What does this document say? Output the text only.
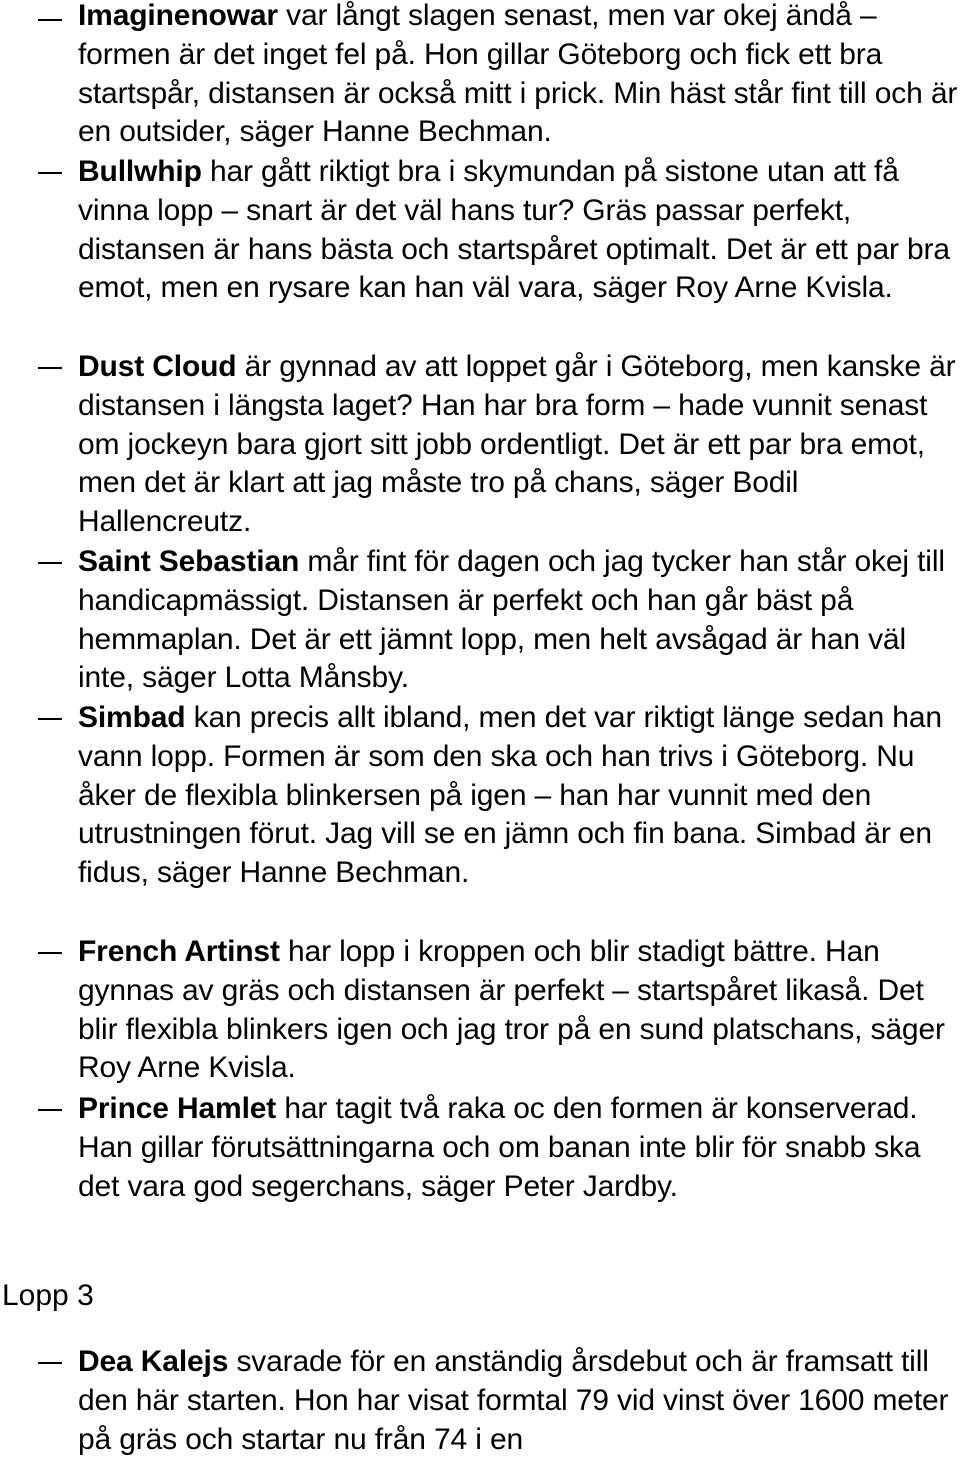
Imaginenowar var långt slagen senast, men var okej ändå – formen är det inget fel på. Hon gillar Göteborg och fick ett bra startspår, distansen är också mitt i prick. Min häst står fint till och är en outsider, säger Hanne Bechman.
Bullwhip har gått riktigt bra i skymundan på sistone utan att få vinna lopp – snart är det väl hans tur? Gräs passar perfekt, distansen är hans bästa och startspåret optimalt. Det är ett par bra emot, men en rysare kan han väl vara, säger Roy Arne Kvisla.
Dust Cloud är gynnad av att loppet går i Göteborg, men kanske är distansen i längsta laget? Han har bra form – hade vunnit senast om jockeyn bara gjort sitt jobb ordentligt. Det är ett par bra emot, men det är klart att jag måste tro på chans, säger Bodil Hallencreutz.
Saint Sebastian mår fint för dagen och jag tycker han står okej till handicapmässigt. Distansen är perfekt och han går bäst på hemmaplan. Det är ett jämnt lopp, men helt avsågad är han väl inte, säger Lotta Månsby.
Simbad kan precis allt ibland, men det var riktigt länge sedan han vann lopp. Formen är som den ska och han trivs i Göteborg. Nu åker de flexibla blinkersen på igen – han har vunnit med den utrustningen förut. Jag vill se en jämn och fin bana. Simbad är en fidus, säger Hanne Bechman.
French Artinst har lopp i kroppen och blir stadigt bättre. Han gynnas av gräs och distansen är perfekt – startspåret likaså. Det blir flexibla blinkers igen och jag tror på en sund platschans, säger Roy Arne Kvisla.
Prince Hamlet har tagit två raka oc den formen är konserverad. Han gillar förutsättningarna och om banan inte blir för snabb ska det vara god segerchans, säger Peter Jardby.
Lopp 3
Dea Kalejs svarade för en anständig årsdebut och är framsatt till den här starten. Hon har visat formtal 79 vid vinst över 1600 meter på gräs och startar nu från 74 i en
